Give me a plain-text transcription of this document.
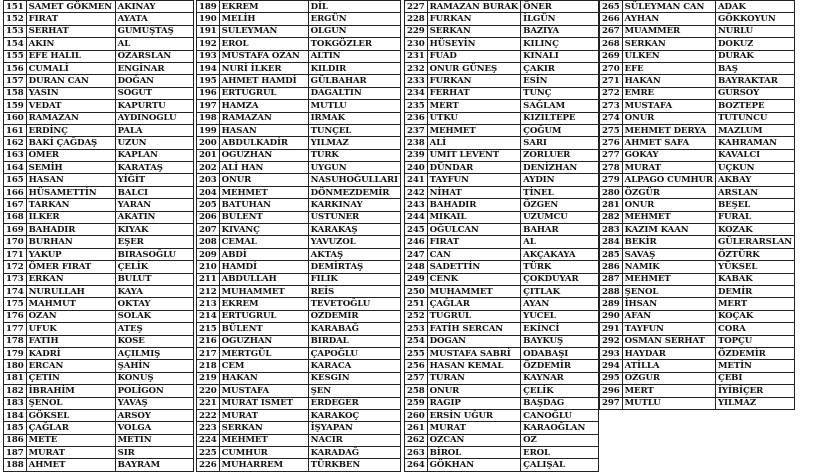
151	SAMET GÖKMEN	AKINAY
152	FIRAT	AYATA
153	SERHAT	GÜMÜŞTAŞ
154	AKIN	AL
155	EFE HALİL	ÖZARSLAN
156	CUMALİ	ENGİNAR
157	DURAN CAN	DOĞAN
158	YASİN	SÖĞÜT
159	VEDAT	KAPURTU
160	RAMAZAN	AYDINOĞLU
161	ERDİNÇ	PALA
162	BAKİ ÇAĞDAŞ	UZUN
163	ÖMER	KAPLAN
164	SEMİH	KARATAŞ
165	HASAN	YİĞİT
166	HÜSAMETTİN	BALCI
167	TARKAN	YARAN
168	İLKER	AKATIN
169	BAHADIR	KIYAK
170	BURHAN	EŞER
171	YAKUP	BIRASOĞLU
172	ÖMER FIRAT	ÇELİK
173	ERKAN	BULUT
174	NURULLAH	KAYA
175	MAHMUT	OKTAY
176	OZAN	SOLAK
177	UFUK	ATEŞ
178	FATİH	KÖSE
179	KADRİ	AÇILMIŞ
180	ERCAN	ŞAHİN
181	ÇETİN	KONUŞ
182	İBRAHİM	POLİGON
183	ŞENOL	YAVAŞ
184	GÖKSEL	ARSOY
185	ÇAĞLAR	VOLGA
186	METE	METİN
187	MURAT	SIR
188	AHMET	BAYRAM
189	EKREM	DİL
190	MELİH	ERGÜN
191	SÜLEYMAN	OLGUN
192	EROL	TOKGÖZLER
193	MUSTAFA OZAN	ALTIN
194	NURİ İLKER	KILDIR
195	AHMET HAMDİ	GÜLBAHAR
196	ERTUĞRUL	DAĞALTIN
197	HAMZA	MUTLU
198	RAMAZAN	IRMAK
199	HASAN	TUNÇEL
200	ABDULKADİR	YILMAZ
201	OĞUZHAN	TÜRK
202	ALİ HAN	UYGUN
203	ONUR	NASUHOĞULLARI
204	MEHMET	DÖNMEZDEMİR
205	BATUHAN	KARKINAY
206	BÜLENT	ÜSTÜNER
207	KIVANÇ	KARAKAŞ
208	CEMAL	YAVUZOL
209	ABDİ	AKTAŞ
210	HAMDİ	DEMİRTAŞ
211	ABDULLAH	FİLİK
212	MUHAMMET	REİS
213	EKREM	TEVETOĞLU
214	ERTUĞRUL	ÖZDEMİR
215	BÜLENT	KARABAĞ
216	OĞUZHAN	BİRDAL
217	MERTGÜL	ÇAPOĞLU
218	CEM	KARACA
219	HAKAN	KESGİN
220	MUSTAFA	ŞEN
221	MURAT İSMET	ERDEĞER
222	MURAT	KARAKOÇ
223	SERKAN	İŞYAPAN
224	MEHMET	NACIR
225	CUMHUR	KARADAĞ
226	MUHARREM	TÜRKBEN
227	RAMAZAN BURAK	ÖNER
228	FURKAN	İLGÜN
229	SERKAN	BAZİYA
230	HÜSEYİN	KILINÇ
231	FUAD	KINALI
232	ONUR GÜNEŞ	ÇAKIR
233	FURKAN	ESİN
234	FERHAT	TUNÇ
235	MERT	SAĞLAM
236	UTKU	KIZILTEPE
237	MEHMET	ÇOĞUM
238	ALİ	SARI
239	ÜMİT LEVENT	ZORLUER
240	DÜNDAR	DENİZHAN
241	TAYFUN	AYDIN
242	NİHAT	TİNEL
243	BAHADIR	ÖZGEN
244	MİKAİL	ÜZÜMCÜ
245	OĞULCAN	BAHAR
246	FIRAT	AL
247	CAN	AKÇAKAYA
248	SADETTİN	TÜRK
249	CENK	ÇOKDUYAR
250	MUHAMMET	ÇITLAK
251	ÇAĞLAR	AYAN
252	TUĞRUL	YÜCEL
253	FATİH SERCAN	EKİNCİ
254	DOĞAN	BAYKUŞ
255	MUSTAFA SABRİ	ODABAŞI
256	HASAN KEMAL	ÖZDEMİR
257	TURAN	KAYNAR
258	ONUR	ÇELİK
259	RAGIP	BAŞDAĞ
260	ERSİN UĞUR	CANOĞLU
261	MURAT	KARAOĞLAN
262	ÖZCAN	ÖZ
263	BİROL	EROL
264	GÖKHAN	ÇALIŞAL
265	SÜLEYMAN CAN	ADAK
266	AYHAN	GÖKKOYUN
267	MUAMMER	NURLU
268	SERKAN	DOKUZ
269	ÜLKEN	DURAK
270	EFE	BAŞ
271	HAKAN	BAYRAKTAR
272	EMRE	GÜRSOY
273	MUSTAFA	BOZTEPE
274	ONUR	TÜTÜNCÜ
275	MEHMET DERYA	MAZLUM
276	AHMET SAFA	KAHRAMAN
277	GÖKAY	KAVALCI
278	MURAT	UÇKUN
279	ALPAGO CUMHUR	AKBAY
280	ÖZGÜR	ARSLAN
281	ONUR	BEŞEL
282	MEHMET	FURAL
283	KAZIM KAAN	KOZAK
284	BEKİR	GÜLERARSLAN
285	SAVAŞ	ÖZTÜRK
286	NAMIK	YÜKSEL
287	MEHMET	KABAK
288	ŞENOL	DEMİR
289	İHSAN	MERT
290	AFAN	KOÇAK
291	TAYFUN	CORA
292	OSMAN SERHAT	TOPÇU
293	HAYDAR	ÖZDEMİR
294	ATİLLA	METİN
295	ÖZGÜR	ÇEBİ
296	MERT	İYİBİÇER
297	MUTLU	YILMAZ
